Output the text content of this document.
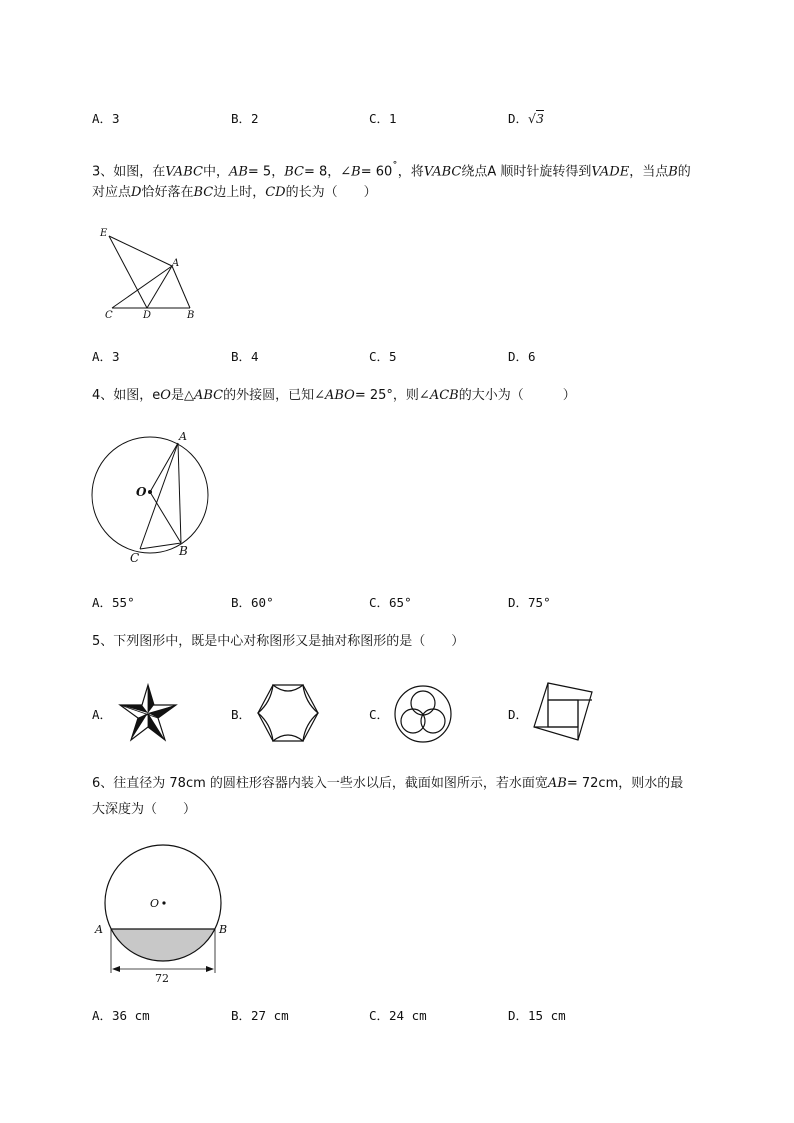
A．3	B．2	C．1	D．√3
3、如图，在VABC中，AB= 5，BC= 8，∠B= 60˚，将VABC绕点A 顺时针旋转得到VADE，当点B的
对应点D恰好落在BC边上时，CD的长为（　　）
E
A
C	D	B
A．3	B．4	C．5	D．6
4、如图，eO是△ABC的外接圆，已知∠ABO= 25°，则∠ACB的大小为（　　　）
A
O
C	B
A．55°	B．60°	C．65°	D．75°
5、下列图形中，既是中心对称图形又是抽对称图形的是（　　）
A．	B．	C．	D．
6、往直径为 78cm 的圆柱形容器内装入一些水以后，截面如图所示，若水面宽AB= 72cm，则水的最
大深度为（　　）
O
A	B
72
A．36 cm	B．27 cm	C．24 cm	D．15 cm
